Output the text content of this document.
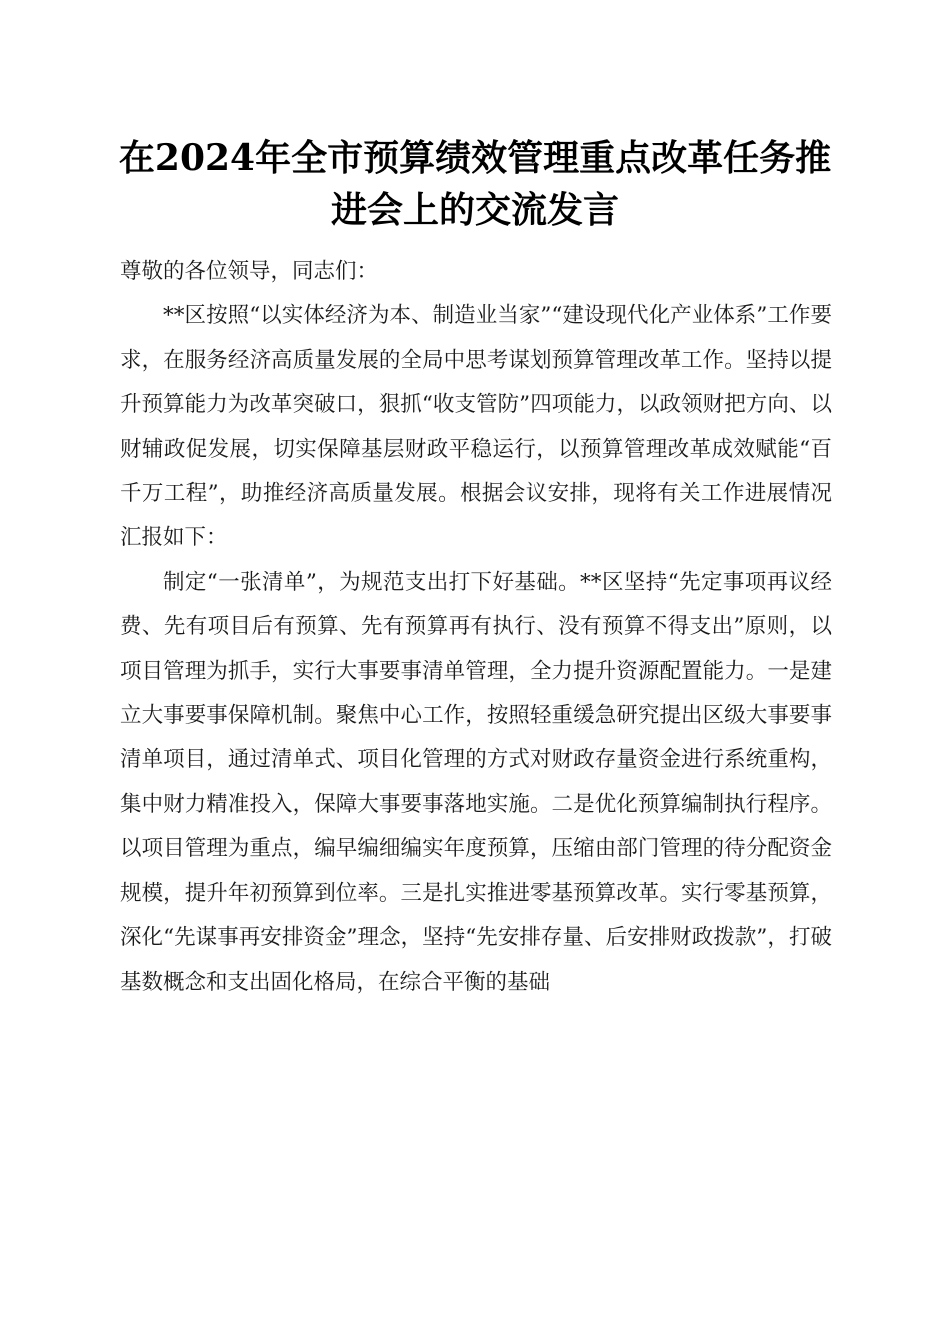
在2024年全市预算绩效管理重点改革任务推
进会上的交流发言

尊敬的各位领导，同志们：

**区按照“以实体经济为本、制造业当家”“建设现代化产业体系”工作要求，在服务经济高质量发展的全局中思考谋划预算管理改革工作。坚持以提升预算能力为改革突破口，狠抓“收支管防”四项能力，以政领财把方向、以财辅政促发展，切实保障基层财政平稳运行，以预算管理改革成效赋能“百千万工程”，助推经济高质量发展。根据会议安排，现将有关工作进展情况汇报如下：

制定“一张清单”，为规范支出打下好基础。**区坚持“先定事项再议经费、先有项目后有预算、先有预算再有执行、没有预算不得支出”原则，以项目管理为抓手，实行大事要事清单管理，全力提升资源配置能力。一是建立大事要事保障机制。聚焦中心工作，按照轻重缓急研究提出区级大事要事清单项目，通过清单式、项目化管理的方式对财政存量资金进行系统重构，集中财力精准投入，保障大事要事落地实施。二是优化预算编制执行程序。以项目管理为重点，编早编细编实年度预算，压缩由部门管理的待分配资金规模，提升年初预算到位率。三是扎实推进零基预算改革。实行零基预算，深化“先谋事再安排资金”理念，坚持“先安排存量、后安排财政拨款”，打破基数概念和支出固化格局，在综合平衡的基础
